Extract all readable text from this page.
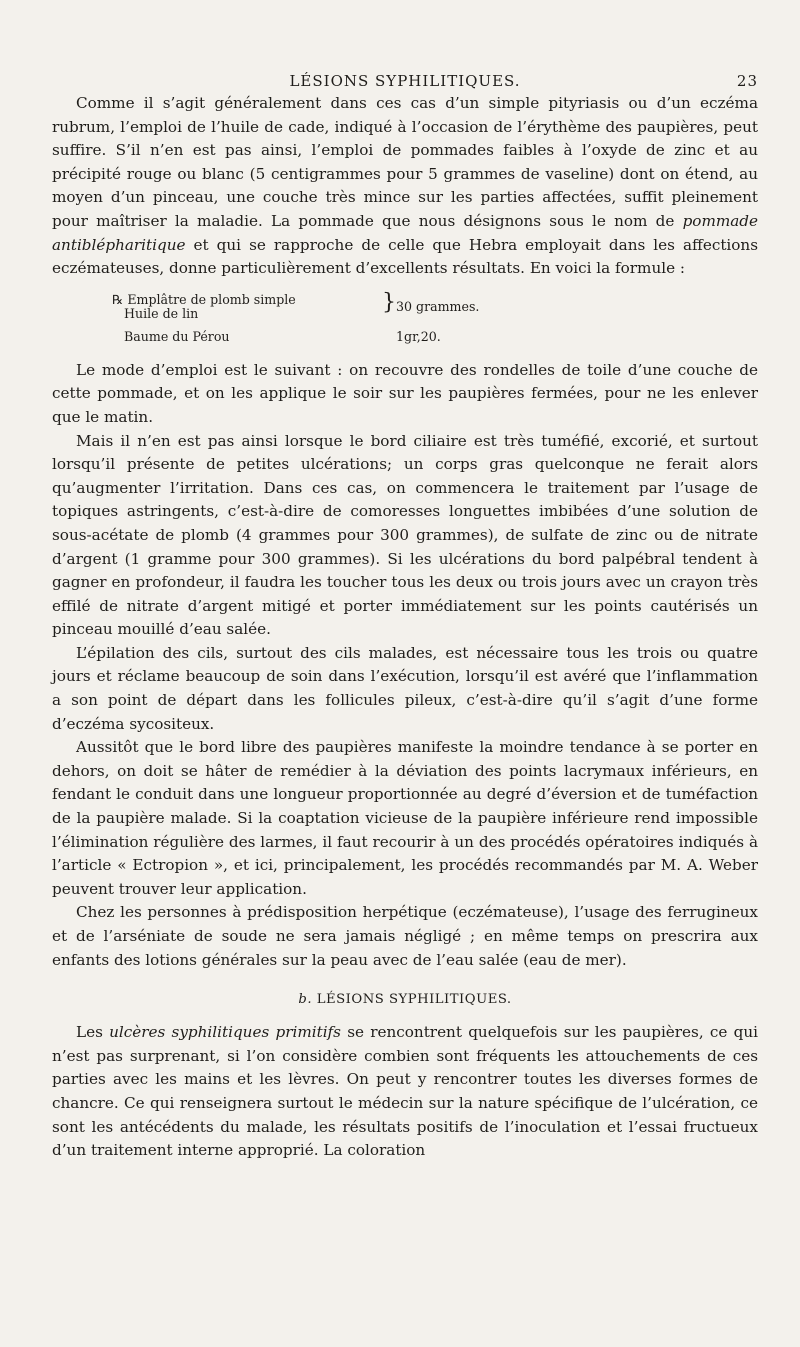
LÉSIONS SYPHILITIQUES.	23

Comme il s’agit généralement dans ces cas d’un simple pityriasis ou d’un eczéma rubrum, l’emploi de l’huile de cade, indiqué à l’occasion de l’érythème des paupières, peut suffire. S’il n’en est pas ainsi, l’emploi de pommades faibles à l’oxyde de zinc et au précipité rouge ou blanc (5 centigrammes pour 5 grammes de vaseline) dont on étend, au moyen d’un pinceau, une couche très mince sur les parties affectées, suffit pleinement pour maîtriser la maladie. La pommade que nous désignons sous le nom de pommade antiblépharitique et qui se rapproche de celle que Hebra employait dans les affections eczémateuses, donne particulièrement d’excellents résultats. En voici la formule :

℞ Emplâtre de plomb simple
Huile de lin	} 30 grammes.
Baume du Pérou	1gr,20.

Le mode d’emploi est le suivant : on recouvre des rondelles de toile d’une couche de cette pommade, et on les applique le soir sur les paupières fermées, pour ne les enlever que le matin.

Mais il n’en est pas ainsi lorsque le bord ciliaire est très tuméfié, excorié, et surtout lorsqu’il présente de petites ulcérations; un corps gras quelconque ne ferait alors qu’augmenter l’irritation. Dans ces cas, on commencera le traitement par l’usage de topiques astringents, c’est-à-dire de comoresses longuettes imbibées d’une solution de sous-acétate de plomb (4 grammes pour 300 grammes), de sulfate de zinc ou de nitrate d’argent (1 gramme pour 300 grammes). Si les ulcérations du bord palpébral tendent à gagner en profondeur, il faudra les toucher tous les deux ou trois jours avec un crayon très effilé de nitrate d’argent mitigé et porter immédiatement sur les points cautérisés un pinceau mouillé d’eau salée.

L’épilation des cils, surtout des cils malades, est nécessaire tous les trois ou quatre jours et réclame beaucoup de soin dans l’exécution, lorsqu’il est avéré que l’inflammation a son point de départ dans les follicules pileux, c’est-à-dire qu’il s’agit d’une forme d’eczéma sycositeux.

Aussitôt que le bord libre des paupières manifeste la moindre tendance à se porter en dehors, on doit se hâter de remédier à la déviation des points lacrymaux inférieurs, en fendant le conduit dans une longueur proportionnée au degré d’éversion et de tuméfaction de la paupière malade. Si la coaptation vicieuse de la paupière inférieure rend impossible l’élimination régulière des larmes, il faut recourir à un des procédés opératoires indiqués à l’article « Ectropion », et ici, principalement, les procédés recommandés par M. A. Weber peuvent trouver leur application.

Chez les personnes à prédisposition herpétique (eczémateuse), l’usage des ferrugineux et de l’arséniate de soude ne sera jamais négligé ; en même temps on prescrira aux enfants des lotions générales sur la peau avec de l’eau salée (eau de mer).

b. LÉSIONS SYPHILITIQUES.

Les ulcères syphilitiques primitifs se rencontrent quelquefois sur les paupières, ce qui n’est pas surprenant, si l’on considère combien sont fréquents les attouchements de ces parties avec les mains et les lèvres. On peut y rencontrer toutes les diverses formes de chancre. Ce qui renseignera surtout le médecin sur la nature spécifique de l’ulcération, ce sont les antécédents du malade, les résultats positifs de l’inoculation et l’essai fructueux d’un traitement interne approprié. La coloration
